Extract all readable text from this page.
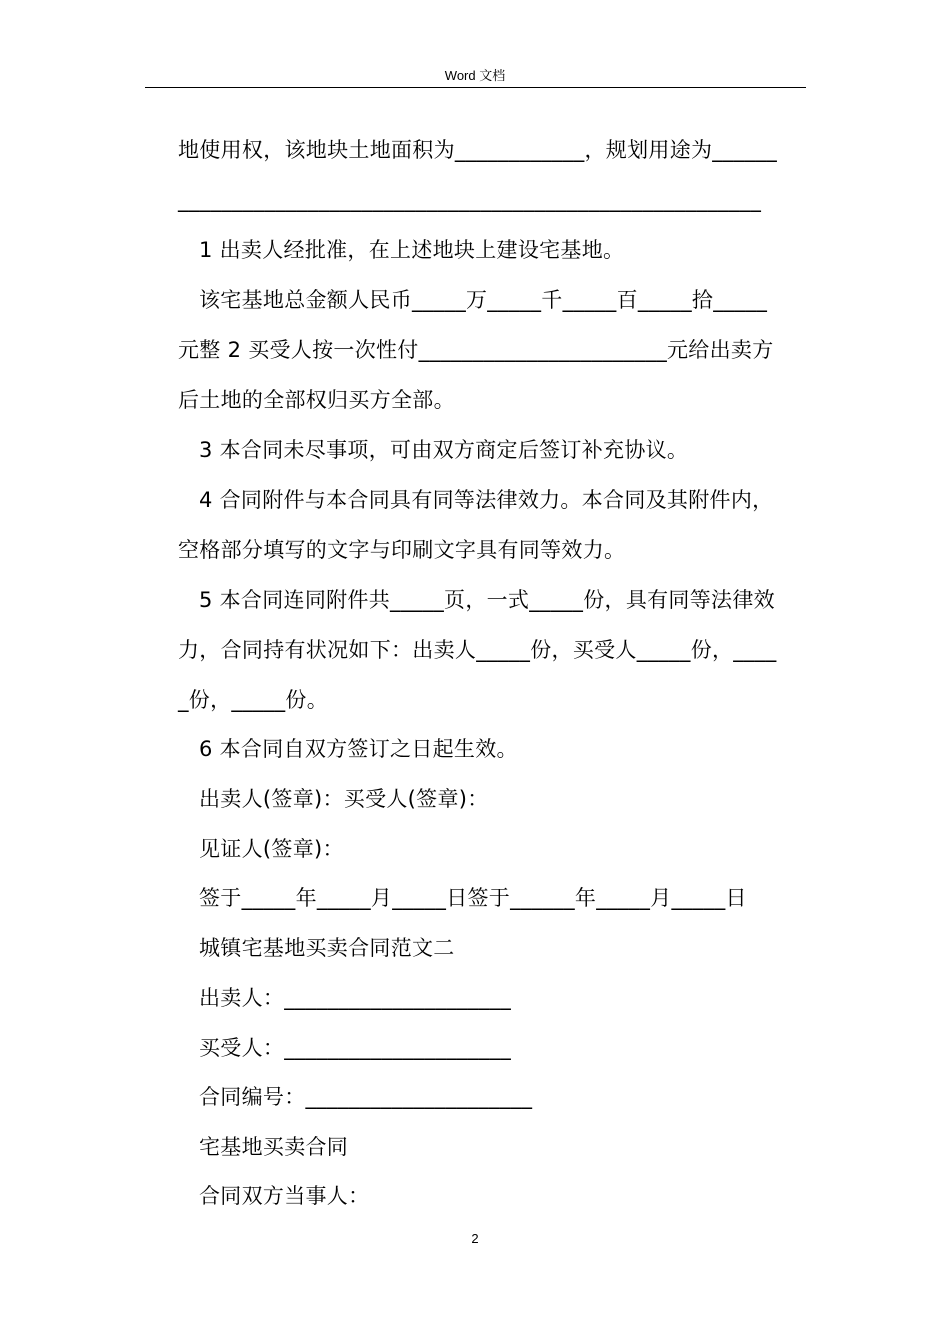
Word 文档
地使用权，该地块土地面积为____________，规划用途为______
______________________________________________________
1 出卖人经批准，在上述地块上建设宅基地。
该宅基地总金额人民币_____万_____千_____百_____拾_____
元整 2 买受人按一次性付_______________________元给出卖方
后土地的全部权归买方全部。
3 本合同未尽事项，可由双方商定后签订补充协议。
4 合同附件与本合同具有同等法律效力。本合同及其附件内，
空格部分填写的文字与印刷文字具有同等效力。
5 本合同连同附件共_____页，一式_____份，具有同等法律效
力，合同持有状况如下：出卖人_____份，买受人_____份，____
_份，_____份。
6 本合同自双方签订之日起生效。
出卖人(签章)：买受人(签章)：
见证人(签章)：
签于_____年_____月_____日签于______年_____月_____日
城镇宅基地买卖合同范文二
出卖人：_____________________
买受人：_____________________
合同编号：_____________________
宅基地买卖合同
合同双方当事人：
2
